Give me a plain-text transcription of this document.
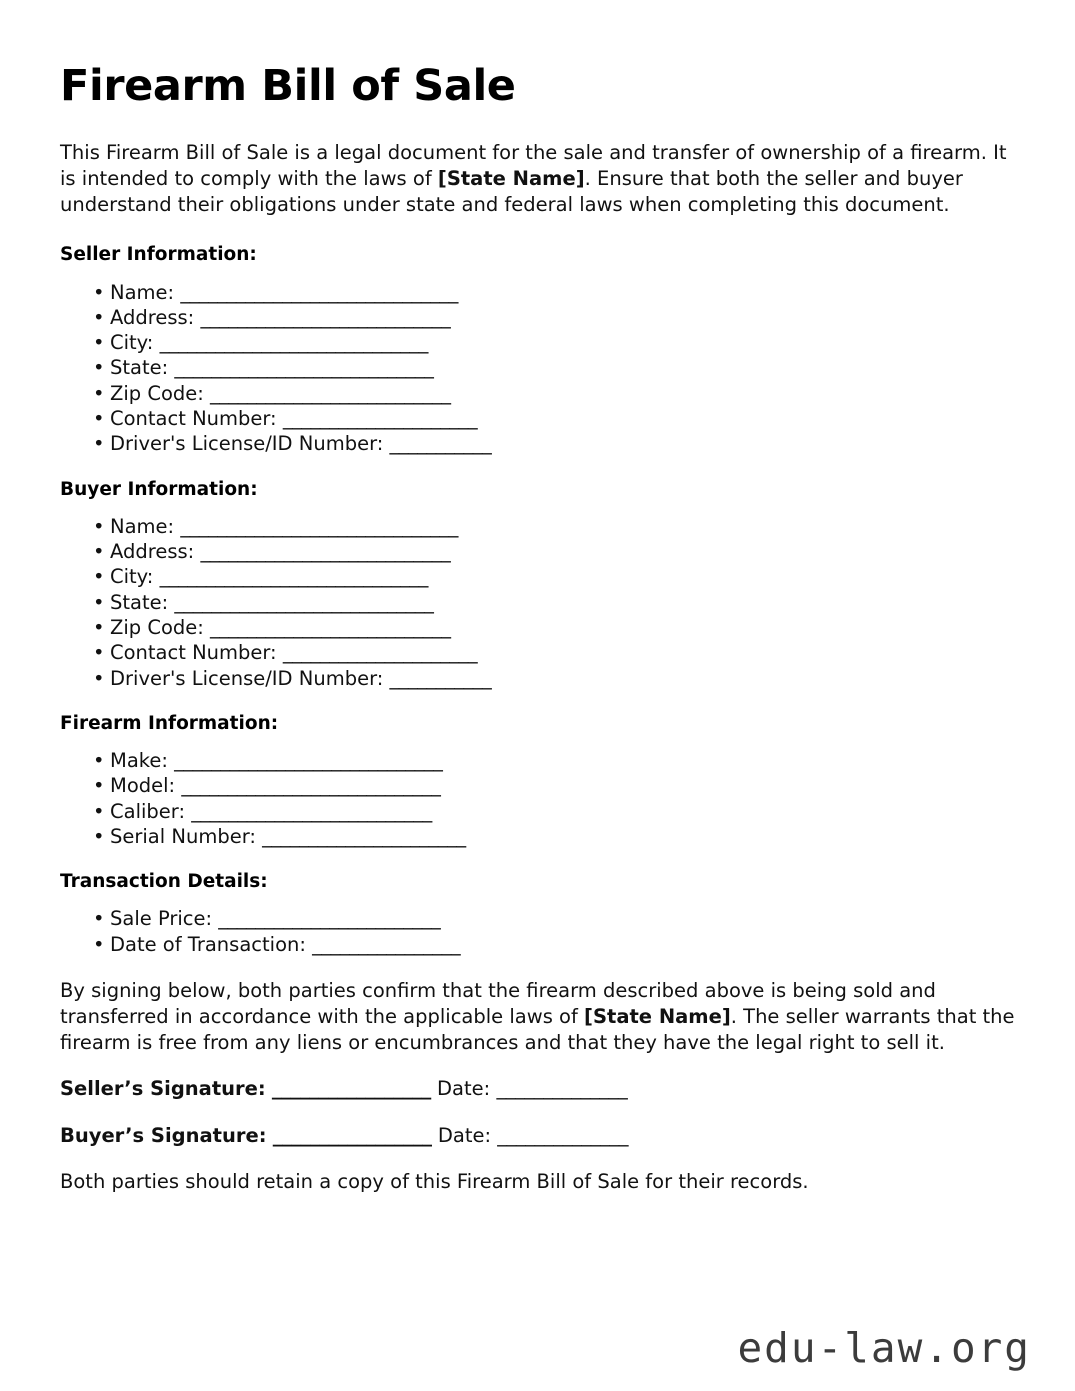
Firearm Bill of Sale

This Firearm Bill of Sale is a legal document for the sale and transfer of ownership of a firearm. It is intended to comply with the laws of [State Name]. Ensure that both the seller and buyer understand their obligations under state and federal laws when completing this document.

Seller Information:
• Name: ______________________________
• Address: ___________________________
• City: _____________________________
• State: ____________________________
• Zip Code: __________________________
• Contact Number: _____________________
• Driver's License/ID Number: ___________
Buyer Information:
• Name: ______________________________
• Address: ___________________________
• City: _____________________________
• State: ____________________________
• Zip Code: __________________________
• Contact Number: _____________________
• Driver's License/ID Number: ___________
Firearm Information:
• Make: _____________________________
• Model: ____________________________
• Caliber: __________________________
• Serial Number: ______________________
Transaction Details:
• Sale Price: ________________________
• Date of Transaction: ________________

By signing below, both parties confirm that the firearm described above is being sold and transferred in accordance with the applicable laws of [State Name]. The seller warrants that the firearm is free from any liens or encumbrances and that they have the legal right to sell it.

Seller’s Signature: _________________ Date: ______________
Buyer’s Signature: _________________ Date: ______________

Both parties should retain a copy of this Firearm Bill of Sale for their records.

edu-law.org
